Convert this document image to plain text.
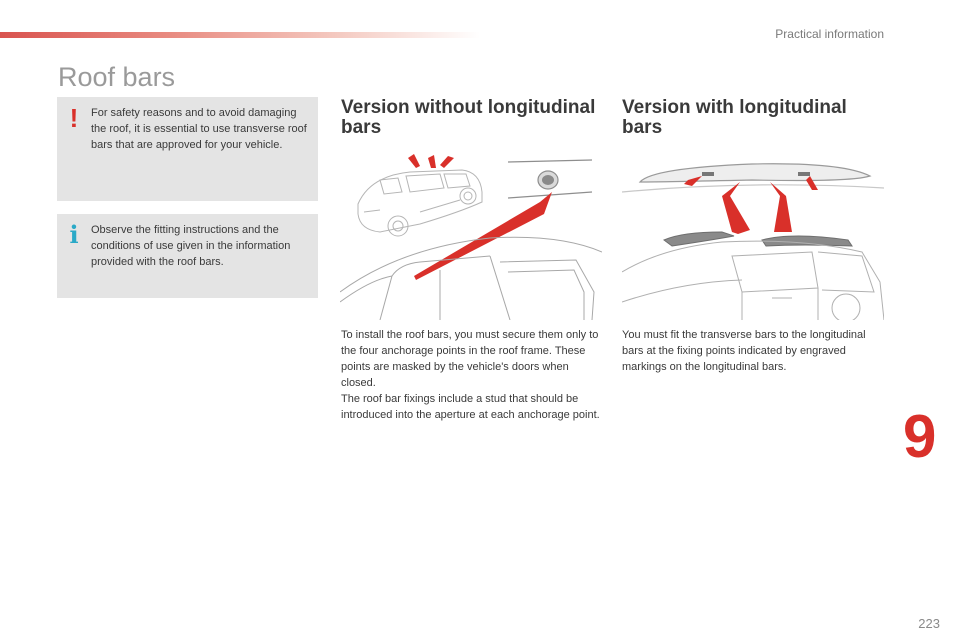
Practical information
Roof bars
! For safety reasons and to avoid damaging the roof, it is essential to use transverse roof bars that are approved for your vehicle.
i Observe the fitting instructions and the conditions of use given in the information provided with the roof bars.
Version without longitudinal bars
Version with longitudinal bars

To install the roof bars, you must secure them only to the four anchorage points in the roof frame. These points are masked by the vehicle's doors when closed.
The roof bar fixings include a stud that should be introduced into the aperture at each anchorage point.

You must fit the transverse bars to the longitudinal bars at the fixing points indicated by engraved markings on the longitudinal bars.

9
223
